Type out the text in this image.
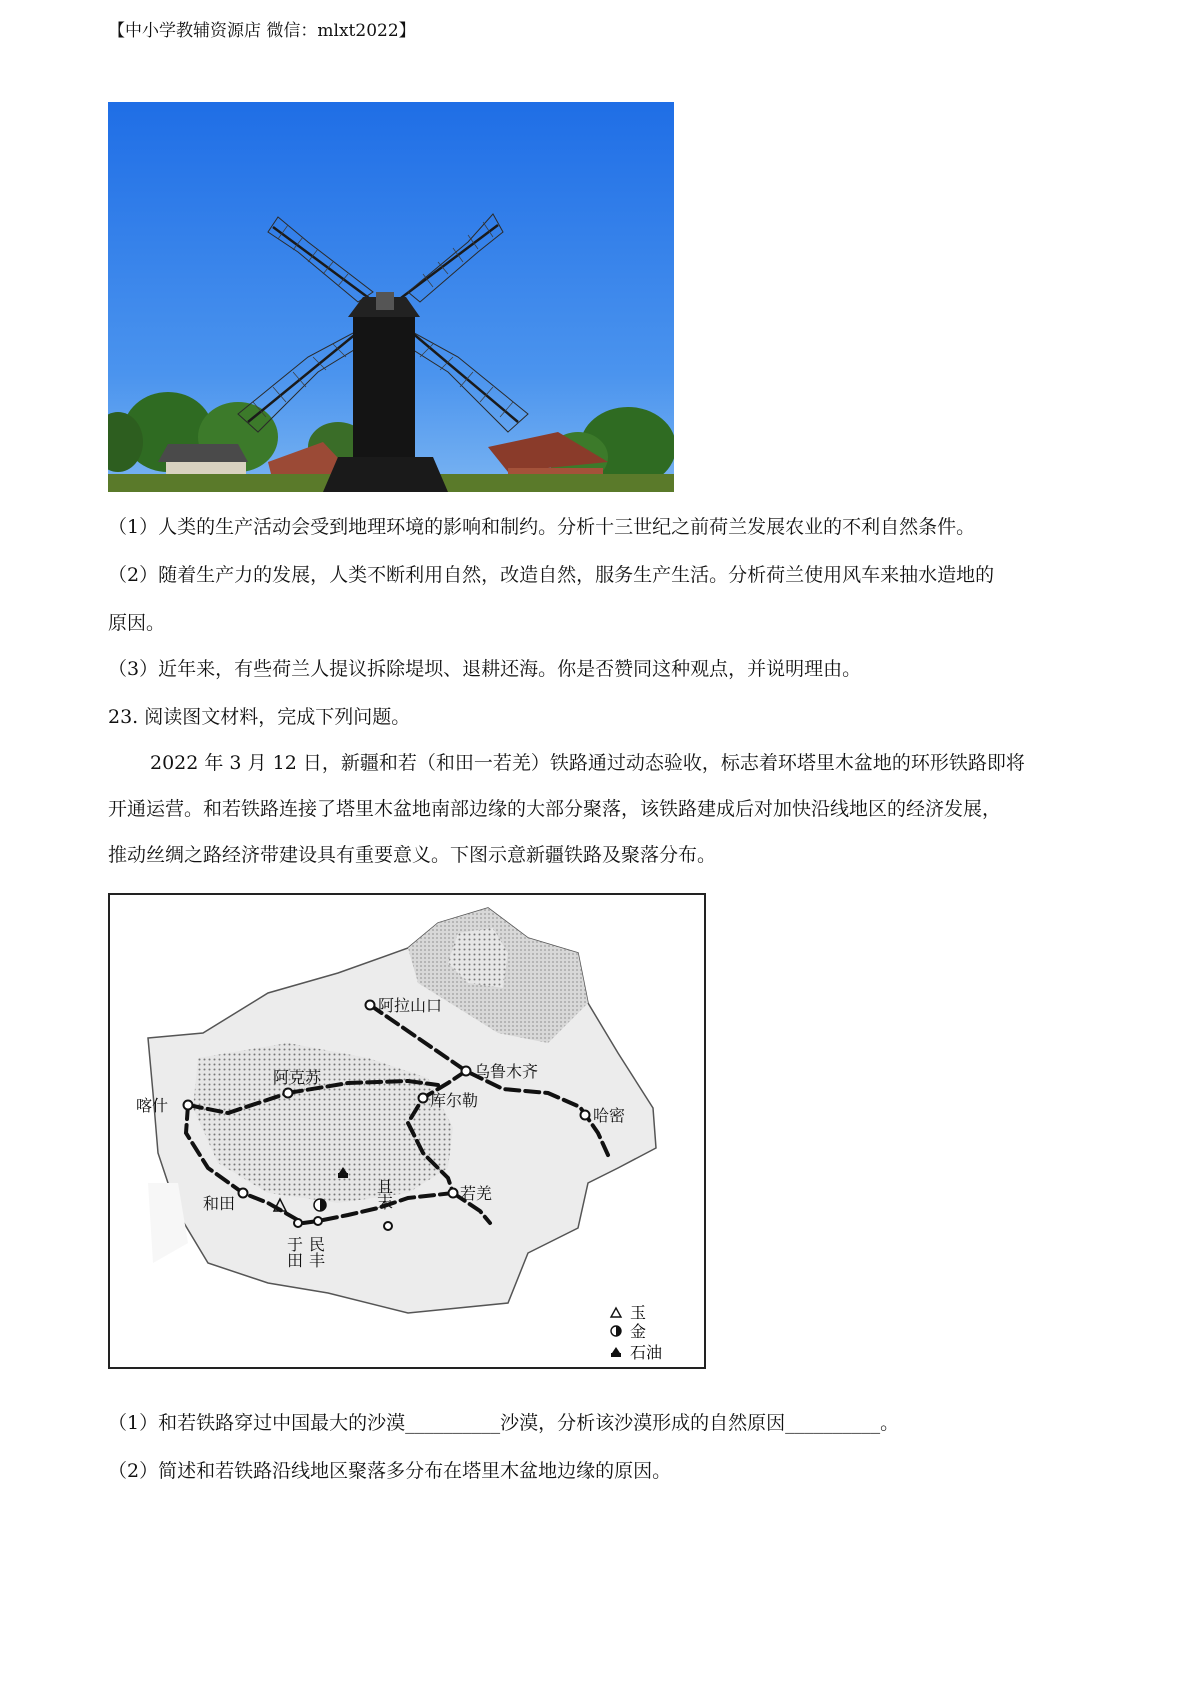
【中小学教辅资源店 微信：mlxt2022】
（1）人类的生产活动会受到地理环境的影响和制约。分析十三世纪之前荷兰发展农业的不利自然条件。
（2）随着生产力的发展，人类不断利用自然，改造自然，服务生产生活。分析荷兰使用风车来抽水造地的
原因。
（3）近年来，有些荷兰人提议拆除堤坝、退耕还海。你是否赞同这种观点，并说明理由。
23. 阅读图文材料，完成下列问题。
2022 年 3 月 12 日，新疆和若（和田一若羌）铁路通过动态验收，标志着环塔里木盆地的环形铁路即将
开通运营。和若铁路连接了塔里木盆地南部边缘的大部分聚落，该铁路建成后对加快沿线地区的经济发展，
推动丝绸之路经济带建设具有重要意义。下图示意新疆铁路及聚落分布。
阿拉山口
乌鲁木齐
阿克苏
喀什	库尔勒
哈密
若羌
和田	且末
于田 民丰
玉
金
石油
（1）和若铁路穿过中国最大的沙漠__________沙漠，分析该沙漠形成的自然原因__________。
（2）简述和若铁路沿线地区聚落多分布在塔里木盆地边缘的原因。
